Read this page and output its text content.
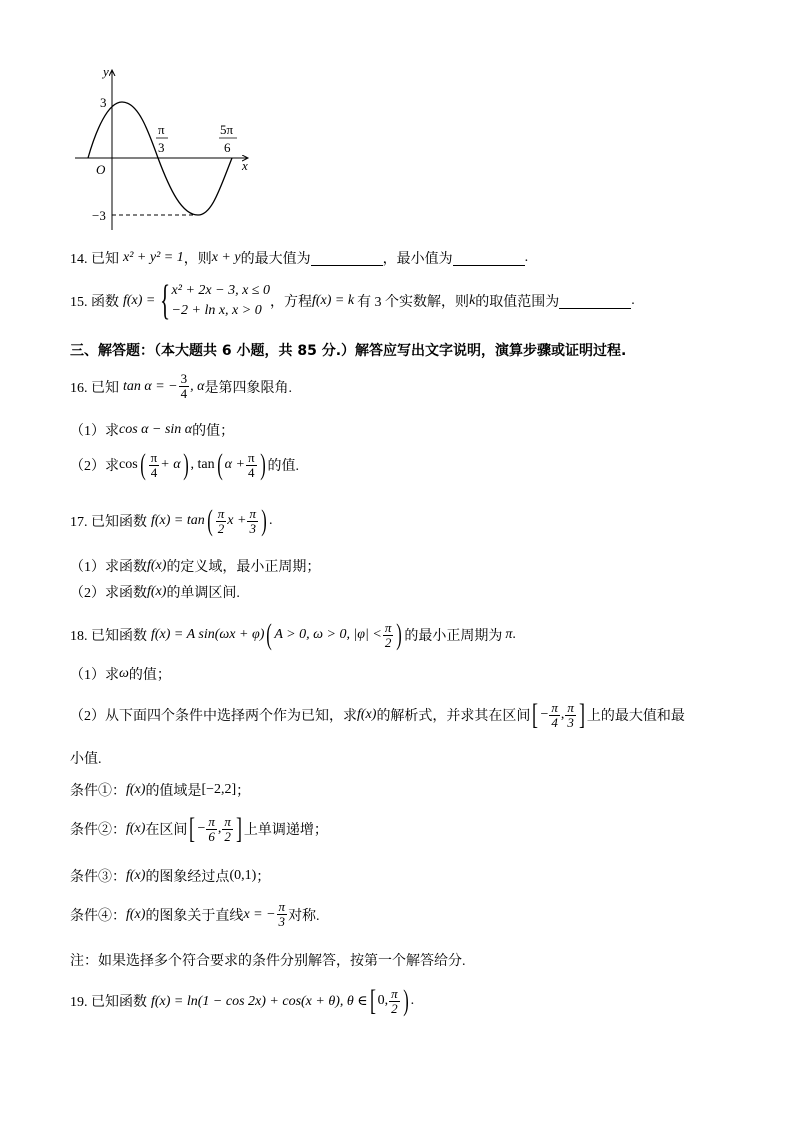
y
x
O
3
−3
π
3
5π
6
14. 已知 x² + y² = 1 ，则 x + y 的最大值为	，最小值为	.
15. 函数 f(x) = { x² + 2x − 3, x ≤ 0
−2 + ln x, x > 0
，方程 f(x) = k 有 3 个实数解，则 k 的取值范围为	.
三、解答题：（本大题共 6 小题，共 85 分.）解答应写出文字说明，演算步骤或证明过程.
16. 已知 tan α = − $\frac{3}{4}$ , α 是第四象限角.
（1）求 cos α − sin α 的值；
（2）求 cos ( $\frac{\pi}{4} + \alpha$ ) , tan ( $\alpha + \frac{\pi}{4}$ ) 的值.
17. 已知函数 f(x) = tan ( $\frac{\pi}{2}$ $x + \frac{\pi}{3}$ ) .
（1）求函数 f(x) 的定义域，最小正周期；
（2）求函数 f(x) 的单调区间.
18. 已知函数 f(x) = A sin(ωx + φ) ( A > 0, ω > 0, $|\varphi| < \frac{\pi}{2}$ ) 的最小正周期为 π .
（1）求 ω 的值；
（2）从下面四个条件中选择两个作为已知，求 f(x) 的解析式，并求其在区间 [ − $\frac{\pi}{4}$ , $\frac{\pi}{3}$ ] 上的最大值和最
小值.
条件①： f(x) 的值域是 [−2,2] ；
条件②： f(x) 在区间 [ − $\frac{\pi}{6}$ , $\frac{\pi}{2}$ ] 上单调递增；
条件③： f(x) 的图象经过点 (0,1) ；
条件④： f(x) 的图象关于直线 x = − $\frac{\pi}{3}$ 对称.
注：如果选择多个符合要求的条件分别解答，按第一个解答给分.
19. 已知函数 f(x) = ln(1 − cos 2x) + cos(x + θ), θ ∈ [ 0, $\frac{\pi}{2}$ ) .
